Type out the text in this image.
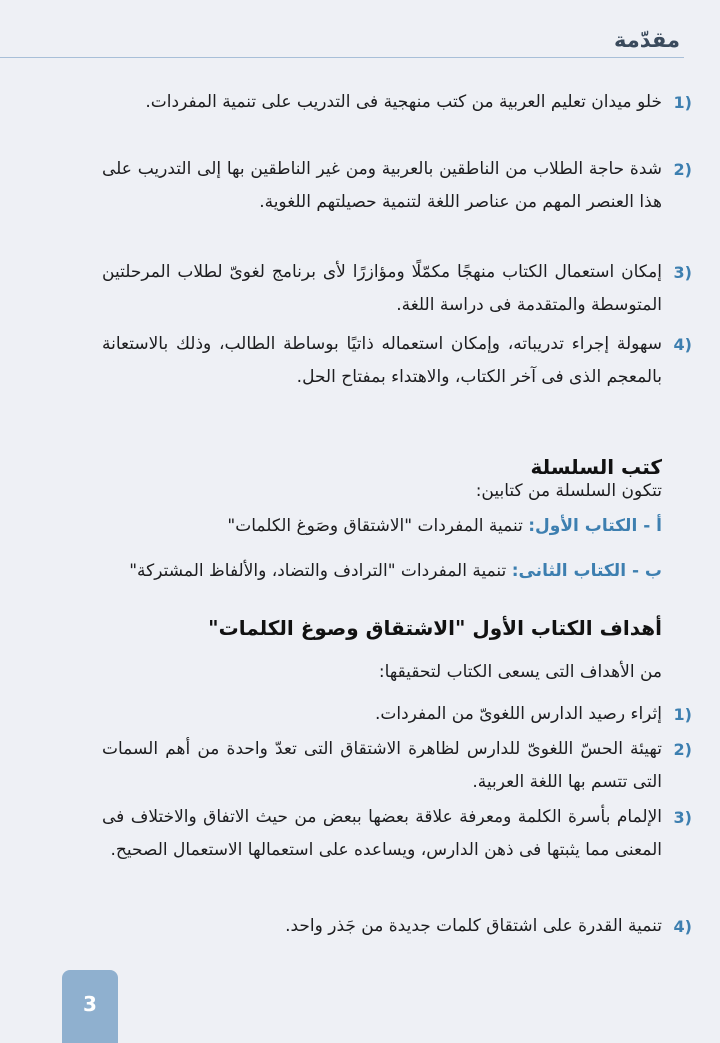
مقدّمة
1)
خلو ميدان تعليم العربية من كتب منهجية فى التدريب على تنمية المفردات.
2)
شدة حاجة الطلاب من الناطقين بالعربية ومن غير الناطقين بها إلى التدريب على هذا العنصر المهم من عناصر اللغة لتنمية حصيلتهم اللغوية.
3)
إمكان استعمال الكتاب منهجًا مكمّلًا ومؤازرًا لأى برنامج لغوىّ لطلاب المرحلتين المتوسطة والمتقدمة فى دراسة اللغة.
4)
سهولة إجراء تدريباته، وإمكان استعماله ذاتيًا بوساطة الطالب، وذلك بالاستعانة بالمعجم الذى فى آخر الكتاب، والاهتداء بمفتاح الحل.
كتب السلسلة
تتكون السلسلة من كتابين:
أ - الكتاب الأول: تنمية المفردات "الاشتقاق وصَوغ الكلمات"
ب - الكتاب الثانى: تنمية المفردات "الترادف والتضاد، والألفاظ المشتركة"
أهداف الكتاب الأول "الاشتقاق وصوغ الكلمات"
من الأهداف التى يسعى الكتاب لتحقيقها:
1)
إثراء رصيد الدارس اللغوىّ من المفردات.
2)
تهيئة الحسّ اللغوىّ للدارس لظاهرة الاشتقاق التى تعدّ واحدة من أهم السمات التى تتسم بها اللغة العربية.
3)
الإلمام بأسرة الكلمة ومعرفة علاقة بعضها ببعض من حيث الاتفاق والاختلاف فى المعنى مما يثبتها فى ذهن الدارس، ويساعده على استعمالها الاستعمال الصحيح.
4)
تنمية القدرة على اشتقاق كلمات جديدة من جَذر واحد.
3
